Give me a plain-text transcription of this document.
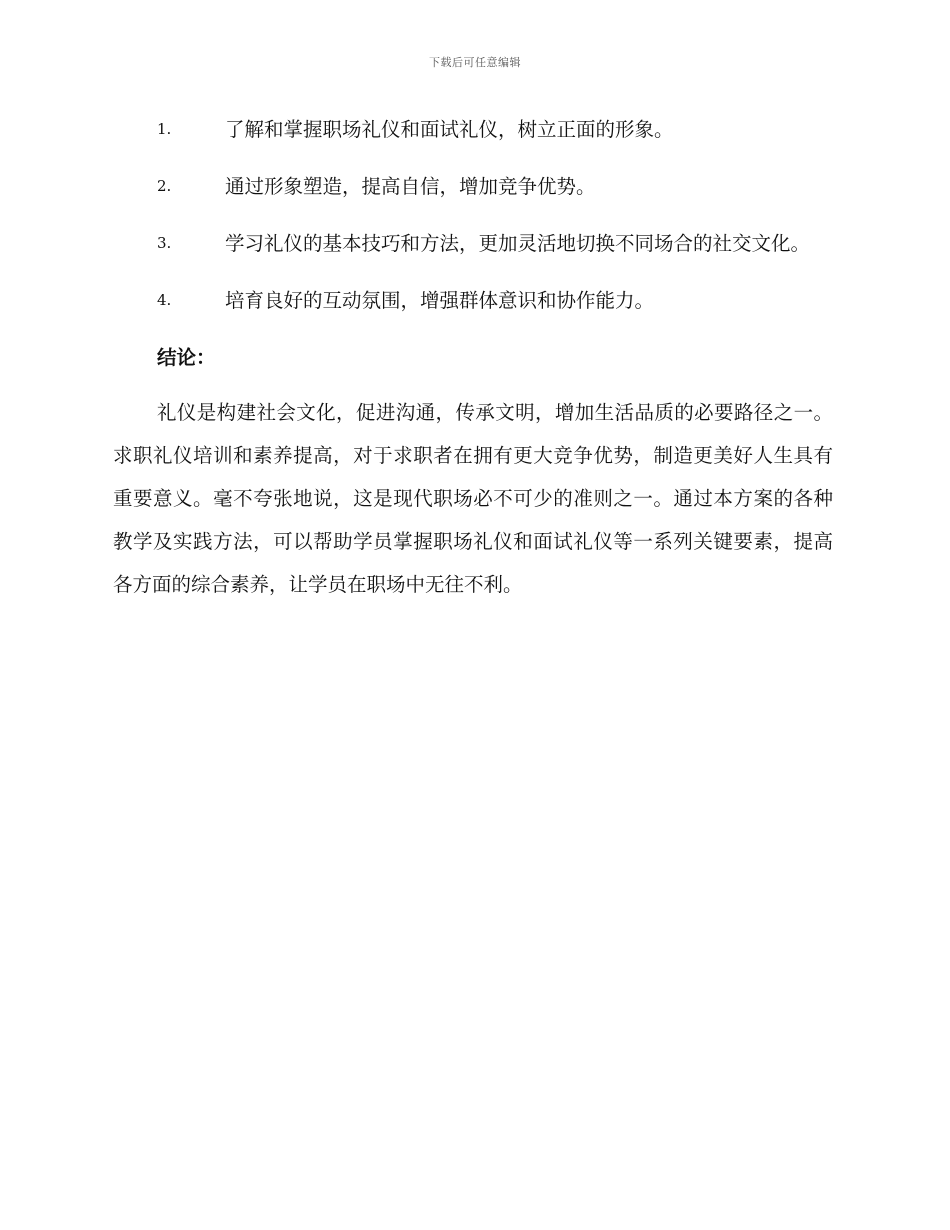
下载后可任意编辑
1.	了解和掌握职场礼仪和面试礼仪，树立正面的形象。
2.	通过形象塑造，提高自信，增加竞争优势。
3.	学习礼仪的基本技巧和方法，更加灵活地切换不同场合的社交文化。
4.	培育良好的互动氛围，增强群体意识和协作能力。
结论：

礼仪是构建社会文化，促进沟通，传承文明，增加生活品质的必要路径之一。求职礼仪培训和素养提高，对于求职者在拥有更大竞争优势，制造更美好人生具有重要意义。毫不夸张地说，这是现代职场必不可少的准则之一。通过本方案的各种教学及实践方法，可以帮助学员掌握职场礼仪和面试礼仪等一系列关键要素，提高各方面的综合素养，让学员在职场中无往不利。
